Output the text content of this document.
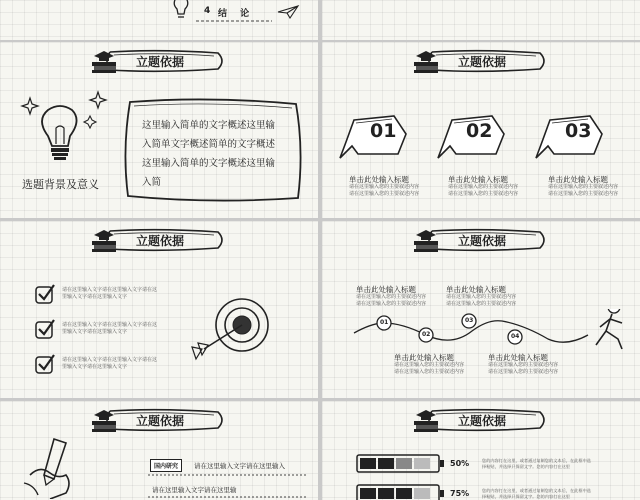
4 结 论
立题依据
选题背景及意义
这里输入简单的文字概述这里输
入简单文字概述简单的文字概述
这里输入简单的文字概述这里输
入简
立题依据
01
单击此处输入标题
请在这里输入您的主要叙述内容
请在这里输入您的主要叙述内容
02
单击此处输入标题
请在这里输入您的主要叙述内容
请在这里输入您的主要叙述内容
03
单击此处输入标题
请在这里输入您的主要叙述内容
请在这里输入您的主要叙述内容
立题依据
请在这里输入文字请在这里输入文字请在这
里输入文字请在这里输入文字
请在这里输入文字请在这里输入文字请在这
里输入文字请在这里输入文字
请在这里输入文字请在这里输入文字请在这
里输入文字请在这里输入文字
立题依据
单击此处输入标题
请在这里输入您的主要叙述内容
请在这里输入您的主要叙述内容
单击此处输入标题
请在这里输入您的主要叙述内容
请在这里输入您的主要叙述内容
01
02
03
04
单击此处输入标题
请在这里输入您的主要叙述内容
请在这里输入您的主要叙述内容
单击此处输入标题
请在这里输入您的主要叙述内容
请在这里输入您的主要叙述内容
立题依据
国内研究	请在这里输入文字请在这里输入
请在这里输入文字请在这里输
立题依据
50%	您的内容打在这里，或者通过复制您的文本后，在此框中选
择粘贴，并选择只保留文字。您的内容打在这里
75%	您的内容打在这里，或者通过复制您的文本后，在此框中选
择粘贴，并选择只保留文字。您的内容打在这里
